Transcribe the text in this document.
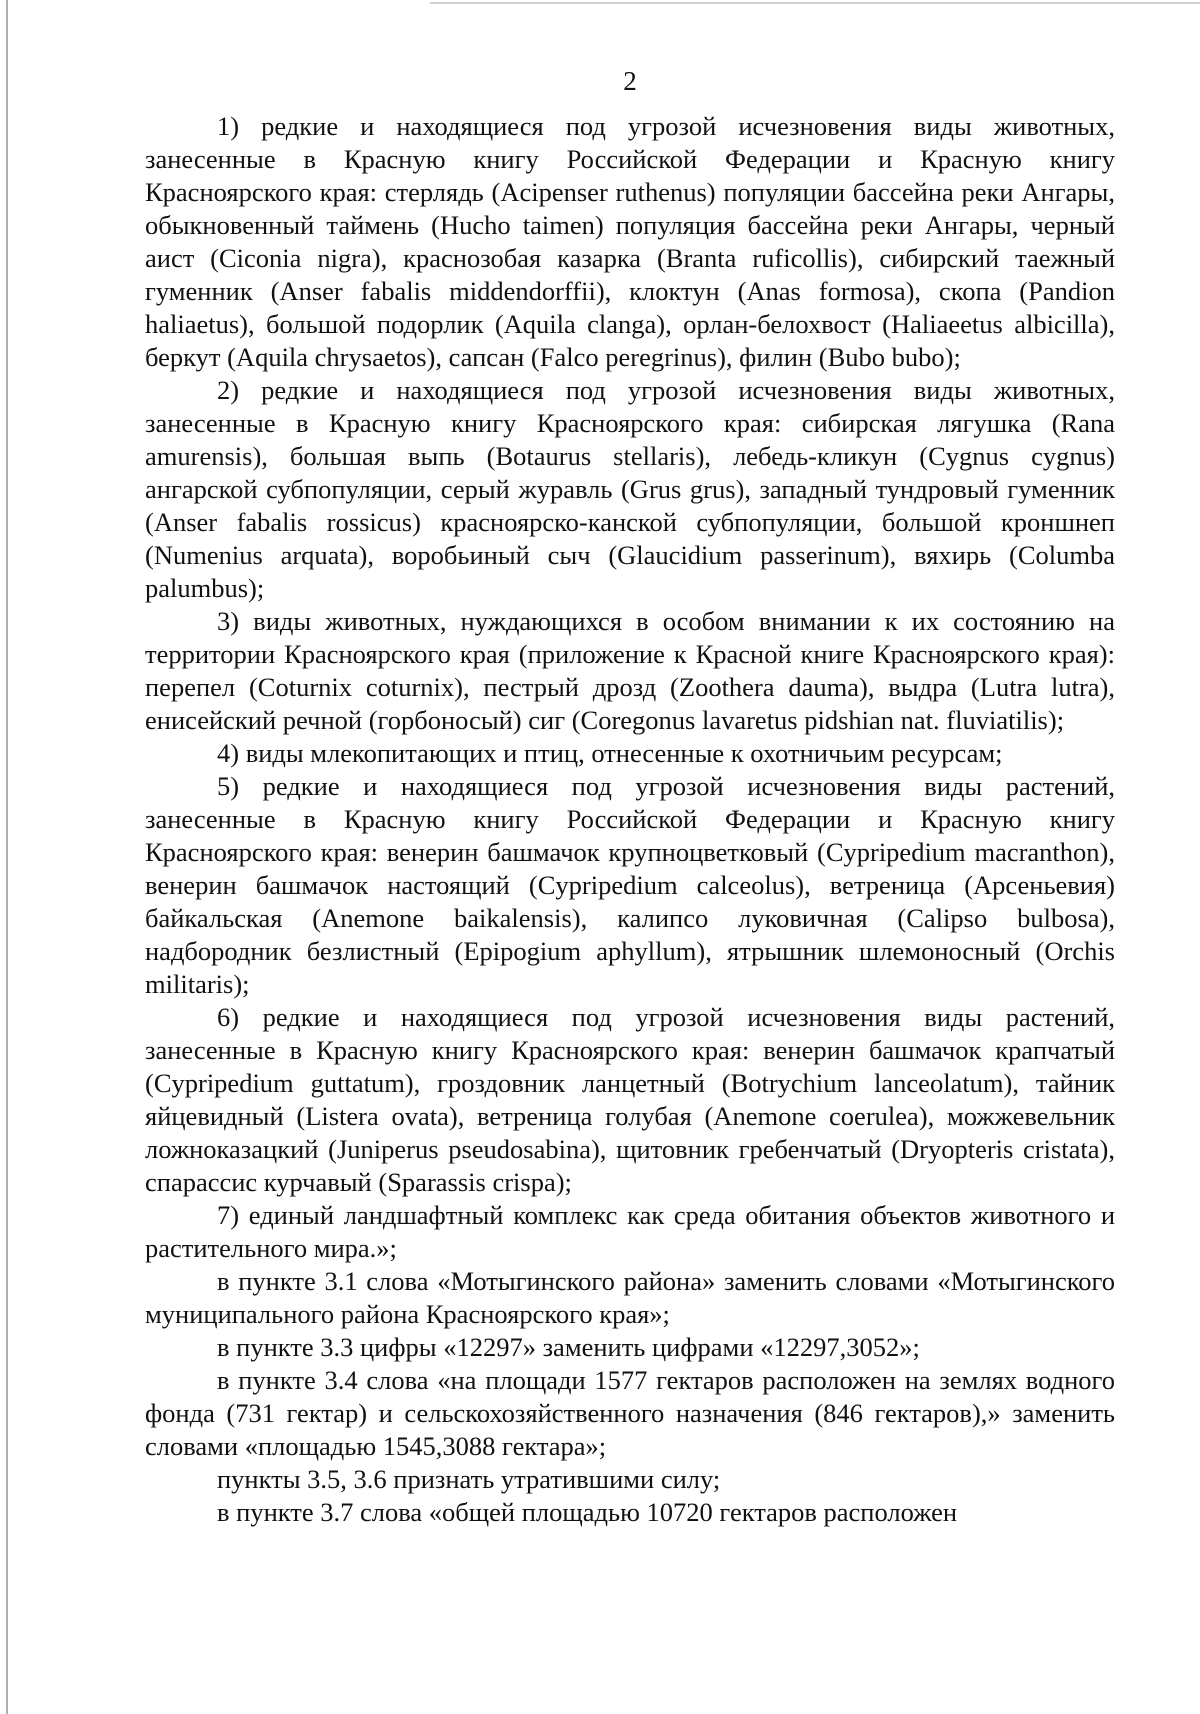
2

1) редкие и находящиеся под угрозой исчезновения виды животных, занесенные в Красную книгу Российской Федерации и Красную книгу Красноярского края: стерлядь (Acipenser ruthenus) популяции бассейна реки Ангары, обыкновенный таймень (Hucho taimen) популяция бассейна реки Ангары, черный аист (Ciconia nigra), краснозобая казарка (Branta ruficollis), сибирский таежный гуменник (Anser fabalis middendorffii), клоктун (Anas formosa), скопа (Pandion haliaetus), большой подорлик (Aquila clanga), орлан-белохвост (Haliaeetus albicilla), беркут (Aquila chrysaetos), сапсан (Falco peregrinus), филин (Bubo bubo);

2) редкие и находящиеся под угрозой исчезновения виды животных, занесенные в Красную книгу Красноярского края: сибирская лягушка (Rana amurensis), большая выпь (Botaurus stellaris), лебедь-кликун (Cygnus cygnus) ангарской субпопуляции, серый журавль (Grus grus), западный тундровый гуменник (Anser fabalis rossicus) красноярско-канской субпопуляции, большой кроншнеп (Numenius arquata), воробьиный сыч (Glaucidium passerinum), вяхирь (Columba palumbus);

3) виды животных, нуждающихся в особом внимании к их состоянию на территории Красноярского края (приложение к Красной книге Красноярского края): перепел (Coturnix coturnix), пестрый дрозд (Zoothera dauma), выдра (Lutra lutra), енисейский речной (горбоносый) сиг (Coregonus lavaretus pidshian nat. fluviatilis);

4) виды млекопитающих и птиц, отнесенные к охотничьим ресурсам;

5) редкие и находящиеся под угрозой исчезновения виды растений, занесенные в Красную книгу Российской Федерации и Красную книгу Красноярского края: венерин башмачок крупноцветковый (Cypripedium macranthon), венерин башмачок настоящий (Cypripedium calceolus), ветреница (Арсеньевия) байкальская (Anemone baikalensis), калипсо луковичная (Calipso bulbosa), надбородник безлистный (Epipogium aphyllum), ятрышник шлемоносный (Orchis militaris);

6) редкие и находящиеся под угрозой исчезновения виды растений, занесенные в Красную книгу Красноярского края: венерин башмачок крапчатый (Cypripedium guttatum), гроздовник ланцетный (Botrychium lanceolatum), тайник яйцевидный (Listera ovata), ветреница голубая (Anemone coerulea), можжевельник ложноказацкий (Juniperus pseudosabina), щитовник гребенчатый (Dryopteris cristata), спарассис курчавый (Sparassis crispa);

7) единый ландшафтный комплекс как среда обитания объектов животного и растительного мира.»;

в пункте 3.1 слова «Мотыгинского района» заменить словами «Мотыгинского муниципального района Красноярского края»;

в пункте 3.3 цифры «12297» заменить цифрами «12297,3052»;

в пункте 3.4 слова «на площади 1577 гектаров расположен на землях водного фонда (731 гектар) и сельскохозяйственного назначения (846 гектаров),» заменить словами «площадью 1545,3088 гектара»;

пункты 3.5, 3.6 признать утратившими силу;

в пункте 3.7 слова «общей площадью 10720 гектаров расположен
